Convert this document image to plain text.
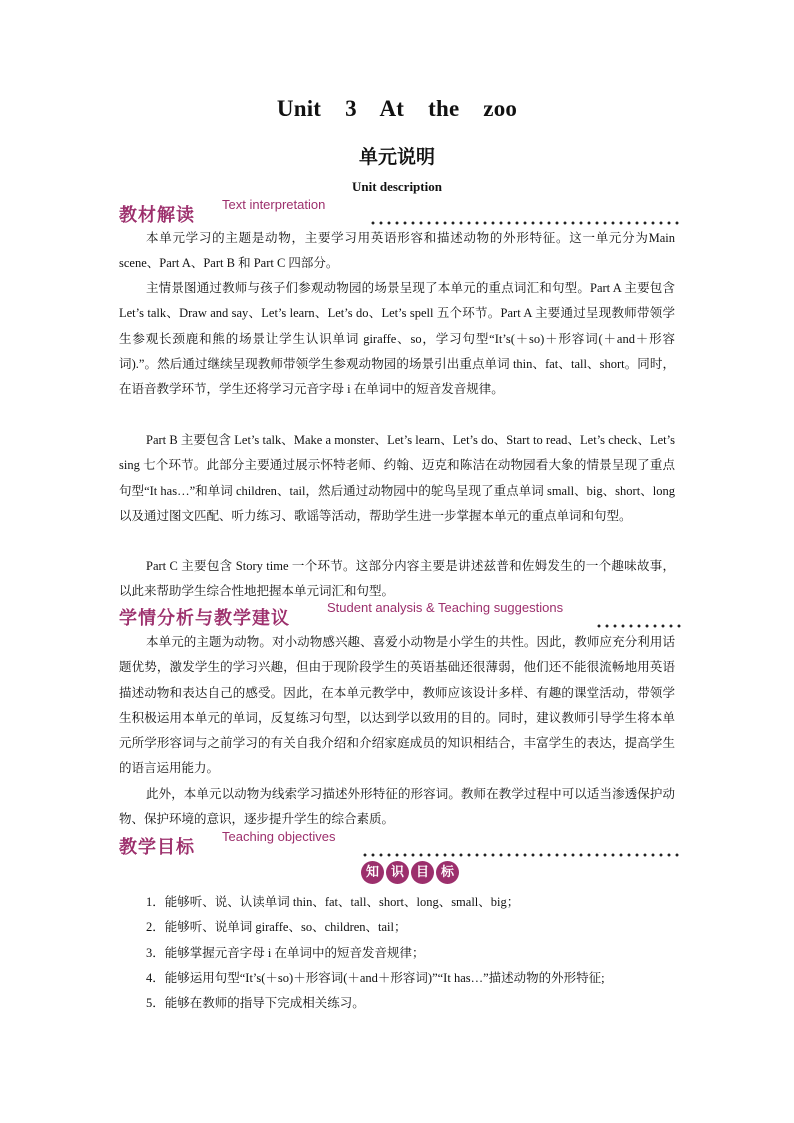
Unit 3 At the zoo
单元说明
Unit description
教材解读
Text interpretation

本单元学习的主题是动物，主要学习用英语形容和描述动物的外形特征。这一单元分为Main scene、Part A、Part B 和 Part C 四部分。

主情景图通过教师与孩子们参观动物园的场景呈现了本单元的重点词汇和句型。Part A 主要包含 Let’s talk、Draw and say、Let’s learn、Let’s do、Let’s spell 五个环节。Part A 主要通过呈现教师带领学生参观长颈鹿和熊的场景让学生认识单词 giraffe、so，学习句型“It’s(＋so)＋形容词(＋and＋形容词).”。然后通过继续呈现教师带领学生参观动物园的场景引出重点单词 thin、fat、tall、short。同时，在语音教学环节，学生还将学习元音字母 i 在单词中的短音发音规律。

Part B 主要包含 Let’s talk、Make a monster、Let’s learn、Let’s do、Start to read、Let’s check、Let’s sing 七个环节。此部分主要通过展示怀特老师、约翰、迈克和陈洁在动物园看大象的情景呈现了重点句型“It has…”和单词 children、tail，然后通过动物园中的鸵鸟呈现了重点单词 small、big、short、long 以及通过图文匹配、听力练习、歌谣等活动，帮助学生进一步掌握本单元的重点单词和句型。

Part C 主要包含 Story time 一个环节。这部分内容主要是讲述兹普和佐姆发生的一个趣味故事，以此来帮助学生综合性地把握本单元词汇和句型。

学情分析与教学建议
Student analysis & Teaching suggestions

本单元的主题为动物。对小动物感兴趣、喜爱小动物是小学生的共性。因此，教师应充分利用话题优势，激发学生的学习兴趣，但由于现阶段学生的英语基础还很薄弱，他们还不能很流畅地用英语描述动物和表达自己的感受。因此，在本单元教学中，教师应该设计多样、有趣的课堂活动，带领学生积极运用本单元的单词，反复练习句型，以达到学以致用的目的。同时，建议教师引导学生将本单元所学形容词与之前学习的有关自我介绍和介绍家庭成员的知识相结合，丰富学生的表达，提高学生的语言运用能力。

此外，本单元以动物为线索学习描述外形特征的形容词。教师在教学过程中可以适当渗透保护动物、保护环境的意识，逐步提升学生的综合素质。

教学目标
Teaching objectives
知 识 目 标
1．能够听、说、认读单词 thin、fat、tall、short、long、small、big；
2．能够听、说单词 giraffe、so、children、tail；
3．能够掌握元音字母 i 在单词中的短音发音规律；
4．能够运用句型“It’s(＋so)＋形容词(＋and＋形容词)”“It has…”描述动物的外形特征;
5．能够在教师的指导下完成相关练习。
